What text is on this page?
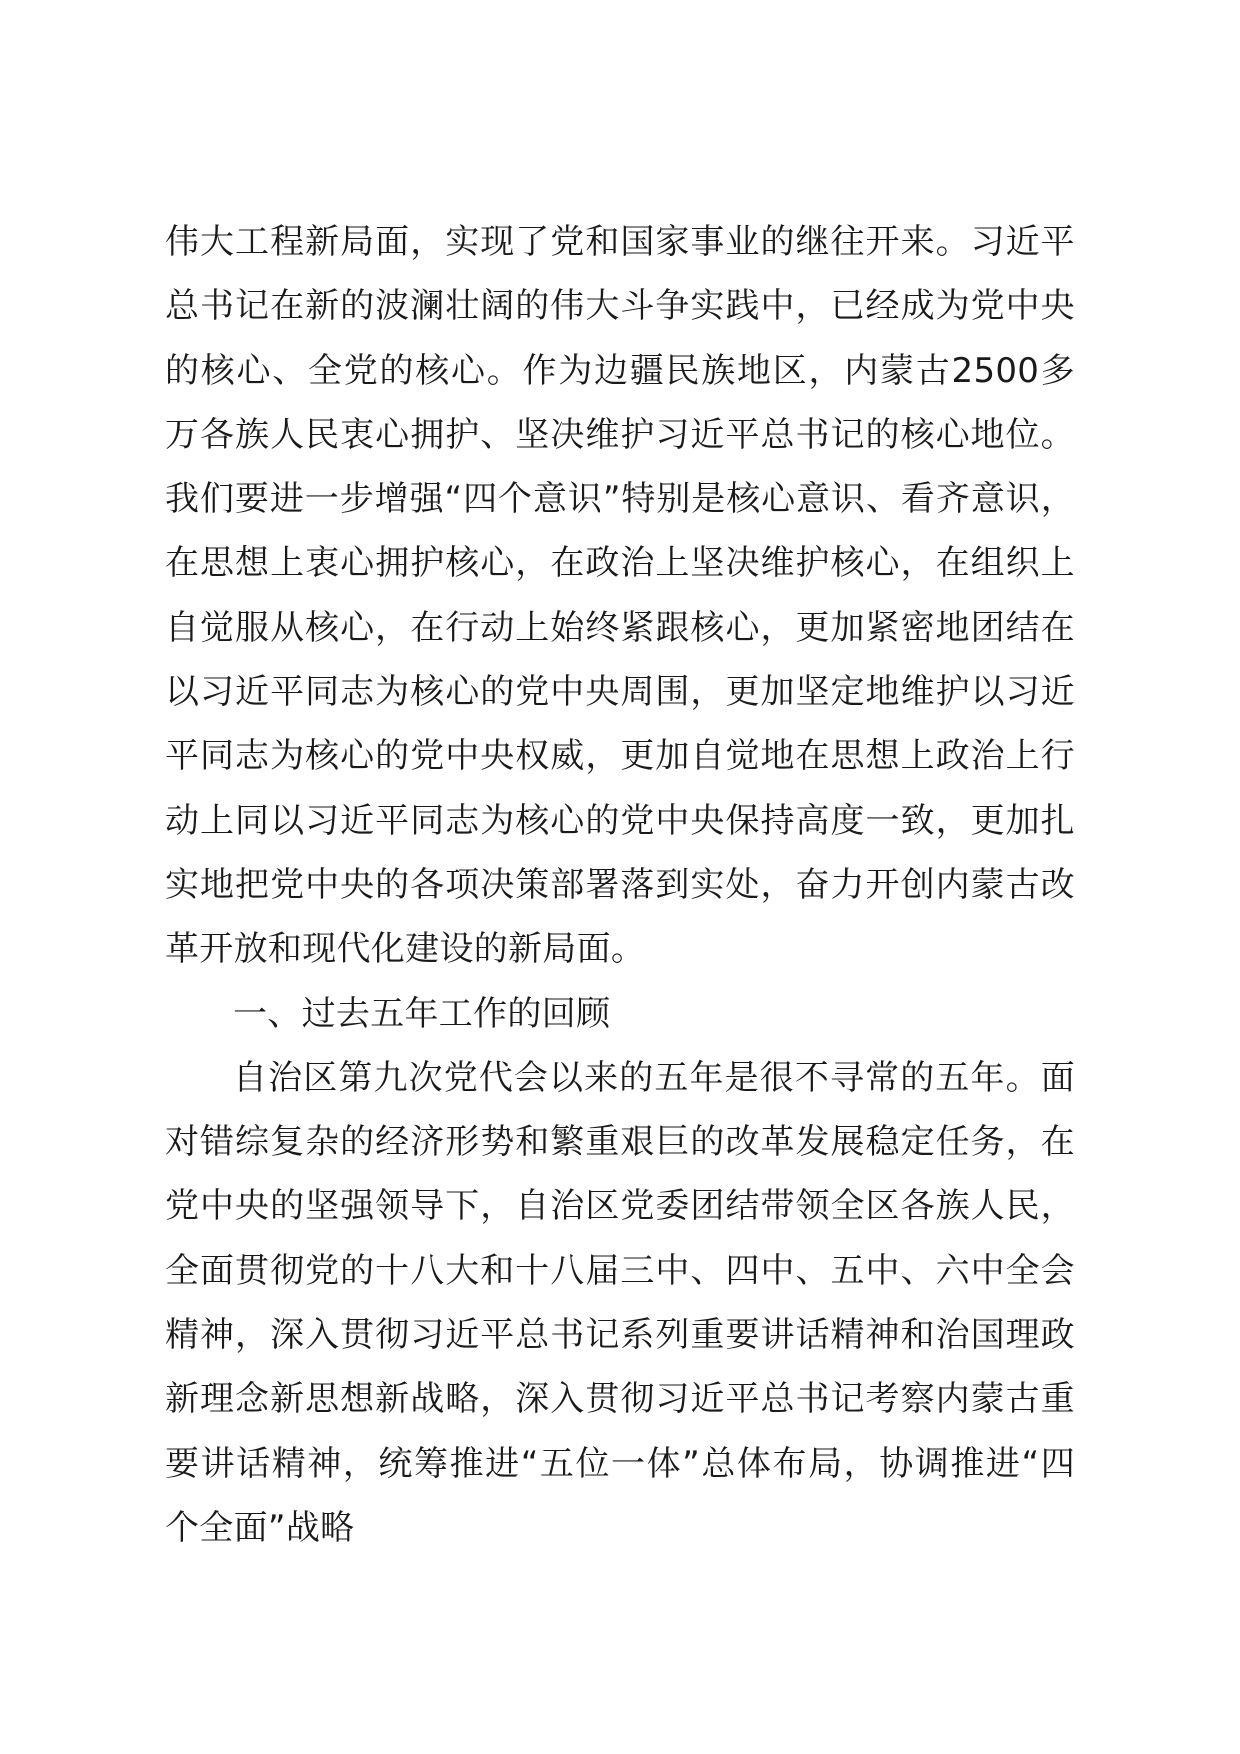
伟大工程新局面，实现了党和国家事业的继往开来。习近平总书记在新的波澜壮阔的伟大斗争实践中，已经成为党中央的核心、全党的核心。作为边疆民族地区，内蒙古2500多万各族人民衷心拥护、坚决维护习近平总书记的核心地位。我们要进一步增强“四个意识”特别是核心意识、看齐意识，在思想上衷心拥护核心，在政治上坚决维护核心，在组织上自觉服从核心，在行动上始终紧跟核心，更加紧密地团结在以习近平同志为核心的党中央周围，更加坚定地维护以习近平同志为核心的党中央权威，更加自觉地在思想上政治上行动上同以习近平同志为核心的党中央保持高度一致，更加扎实地把党中央的各项决策部署落到实处，奋力开创内蒙古改革开放和现代化建设的新局面。

一、过去五年工作的回顾

自治区第九次党代会以来的五年是很不寻常的五年。面对错综复杂的经济形势和繁重艰巨的改革发展稳定任务，在党中央的坚强领导下，自治区党委团结带领全区各族人民，全面贯彻党的十八大和十八届三中、四中、五中、六中全会精神，深入贯彻习近平总书记系列重要讲话精神和治国理政新理念新思想新战略，深入贯彻习近平总书记考察内蒙古重要讲话精神，统筹推进“五位一体”总体布局，协调推进“四个全面”战略
